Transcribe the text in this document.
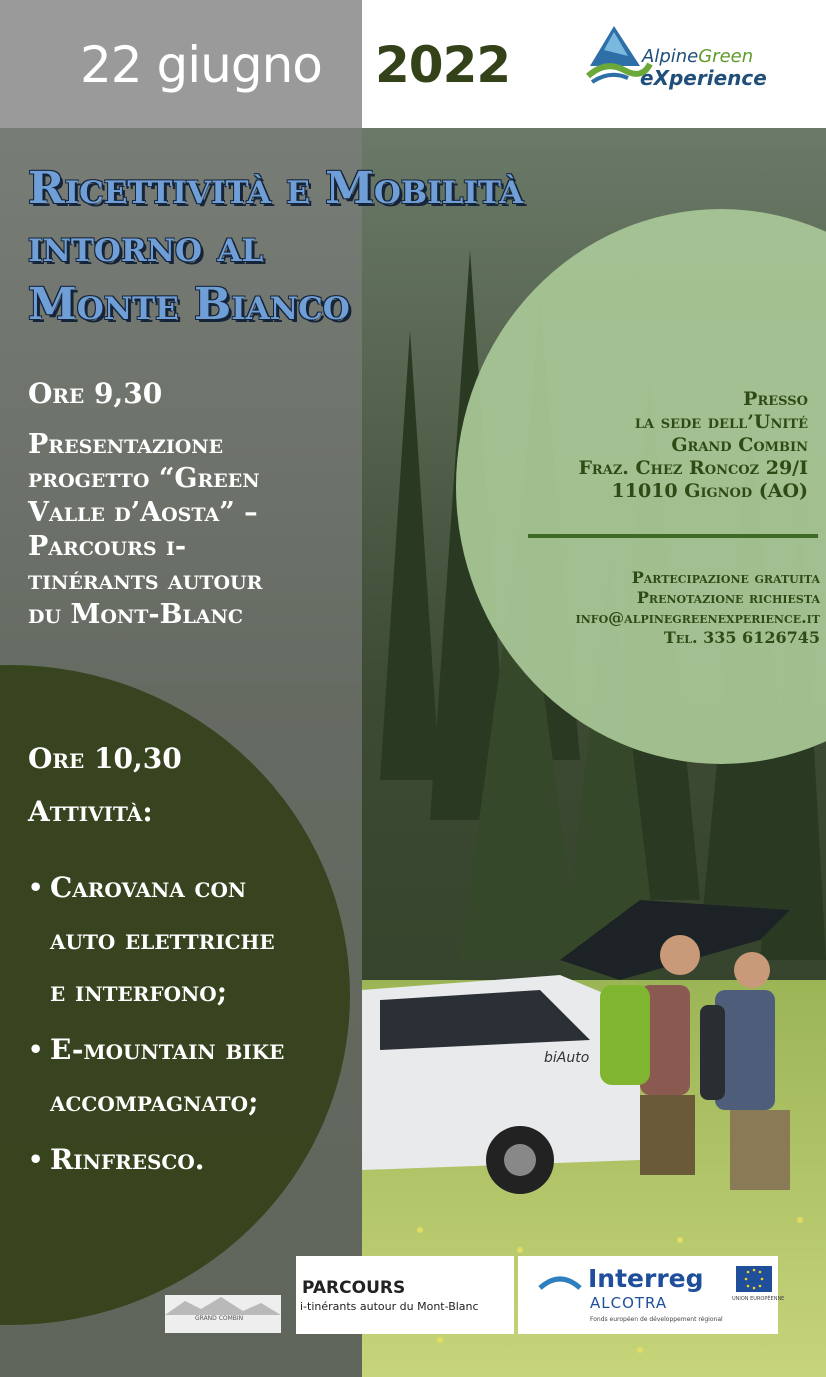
22 giugno 2022	AlpineGreen
eXperience
Ricettività e Mobilità
intorno al
Monte Bianco
Ore 9,30
Presentazione
progetto “Green
Valle d’Aosta” –
Parcours i-
tinérants autour
du Mont-Blanc
Presso
la sede dell’Unité
Grand Combin
Fraz. Chez Roncoz 29/I
11010 Gignod (AO)
Partecipazione gratuita
Prenotazione richiesta
info@alpinegreenexperience.it
Tel. 335 6126745
Ore 10,30
Attività:
• Carovana con
auto elettriche
e interfono;
• E-mountain bike
accompagnato;
• Rinfresco.
biAuto
GRAND COMBIN
PARCOURS
i-tinérants autour du Mont-Blanc
Interreg
ALCOTRA
Fonds européen de développement régional
UNION EUROPÉENNE
